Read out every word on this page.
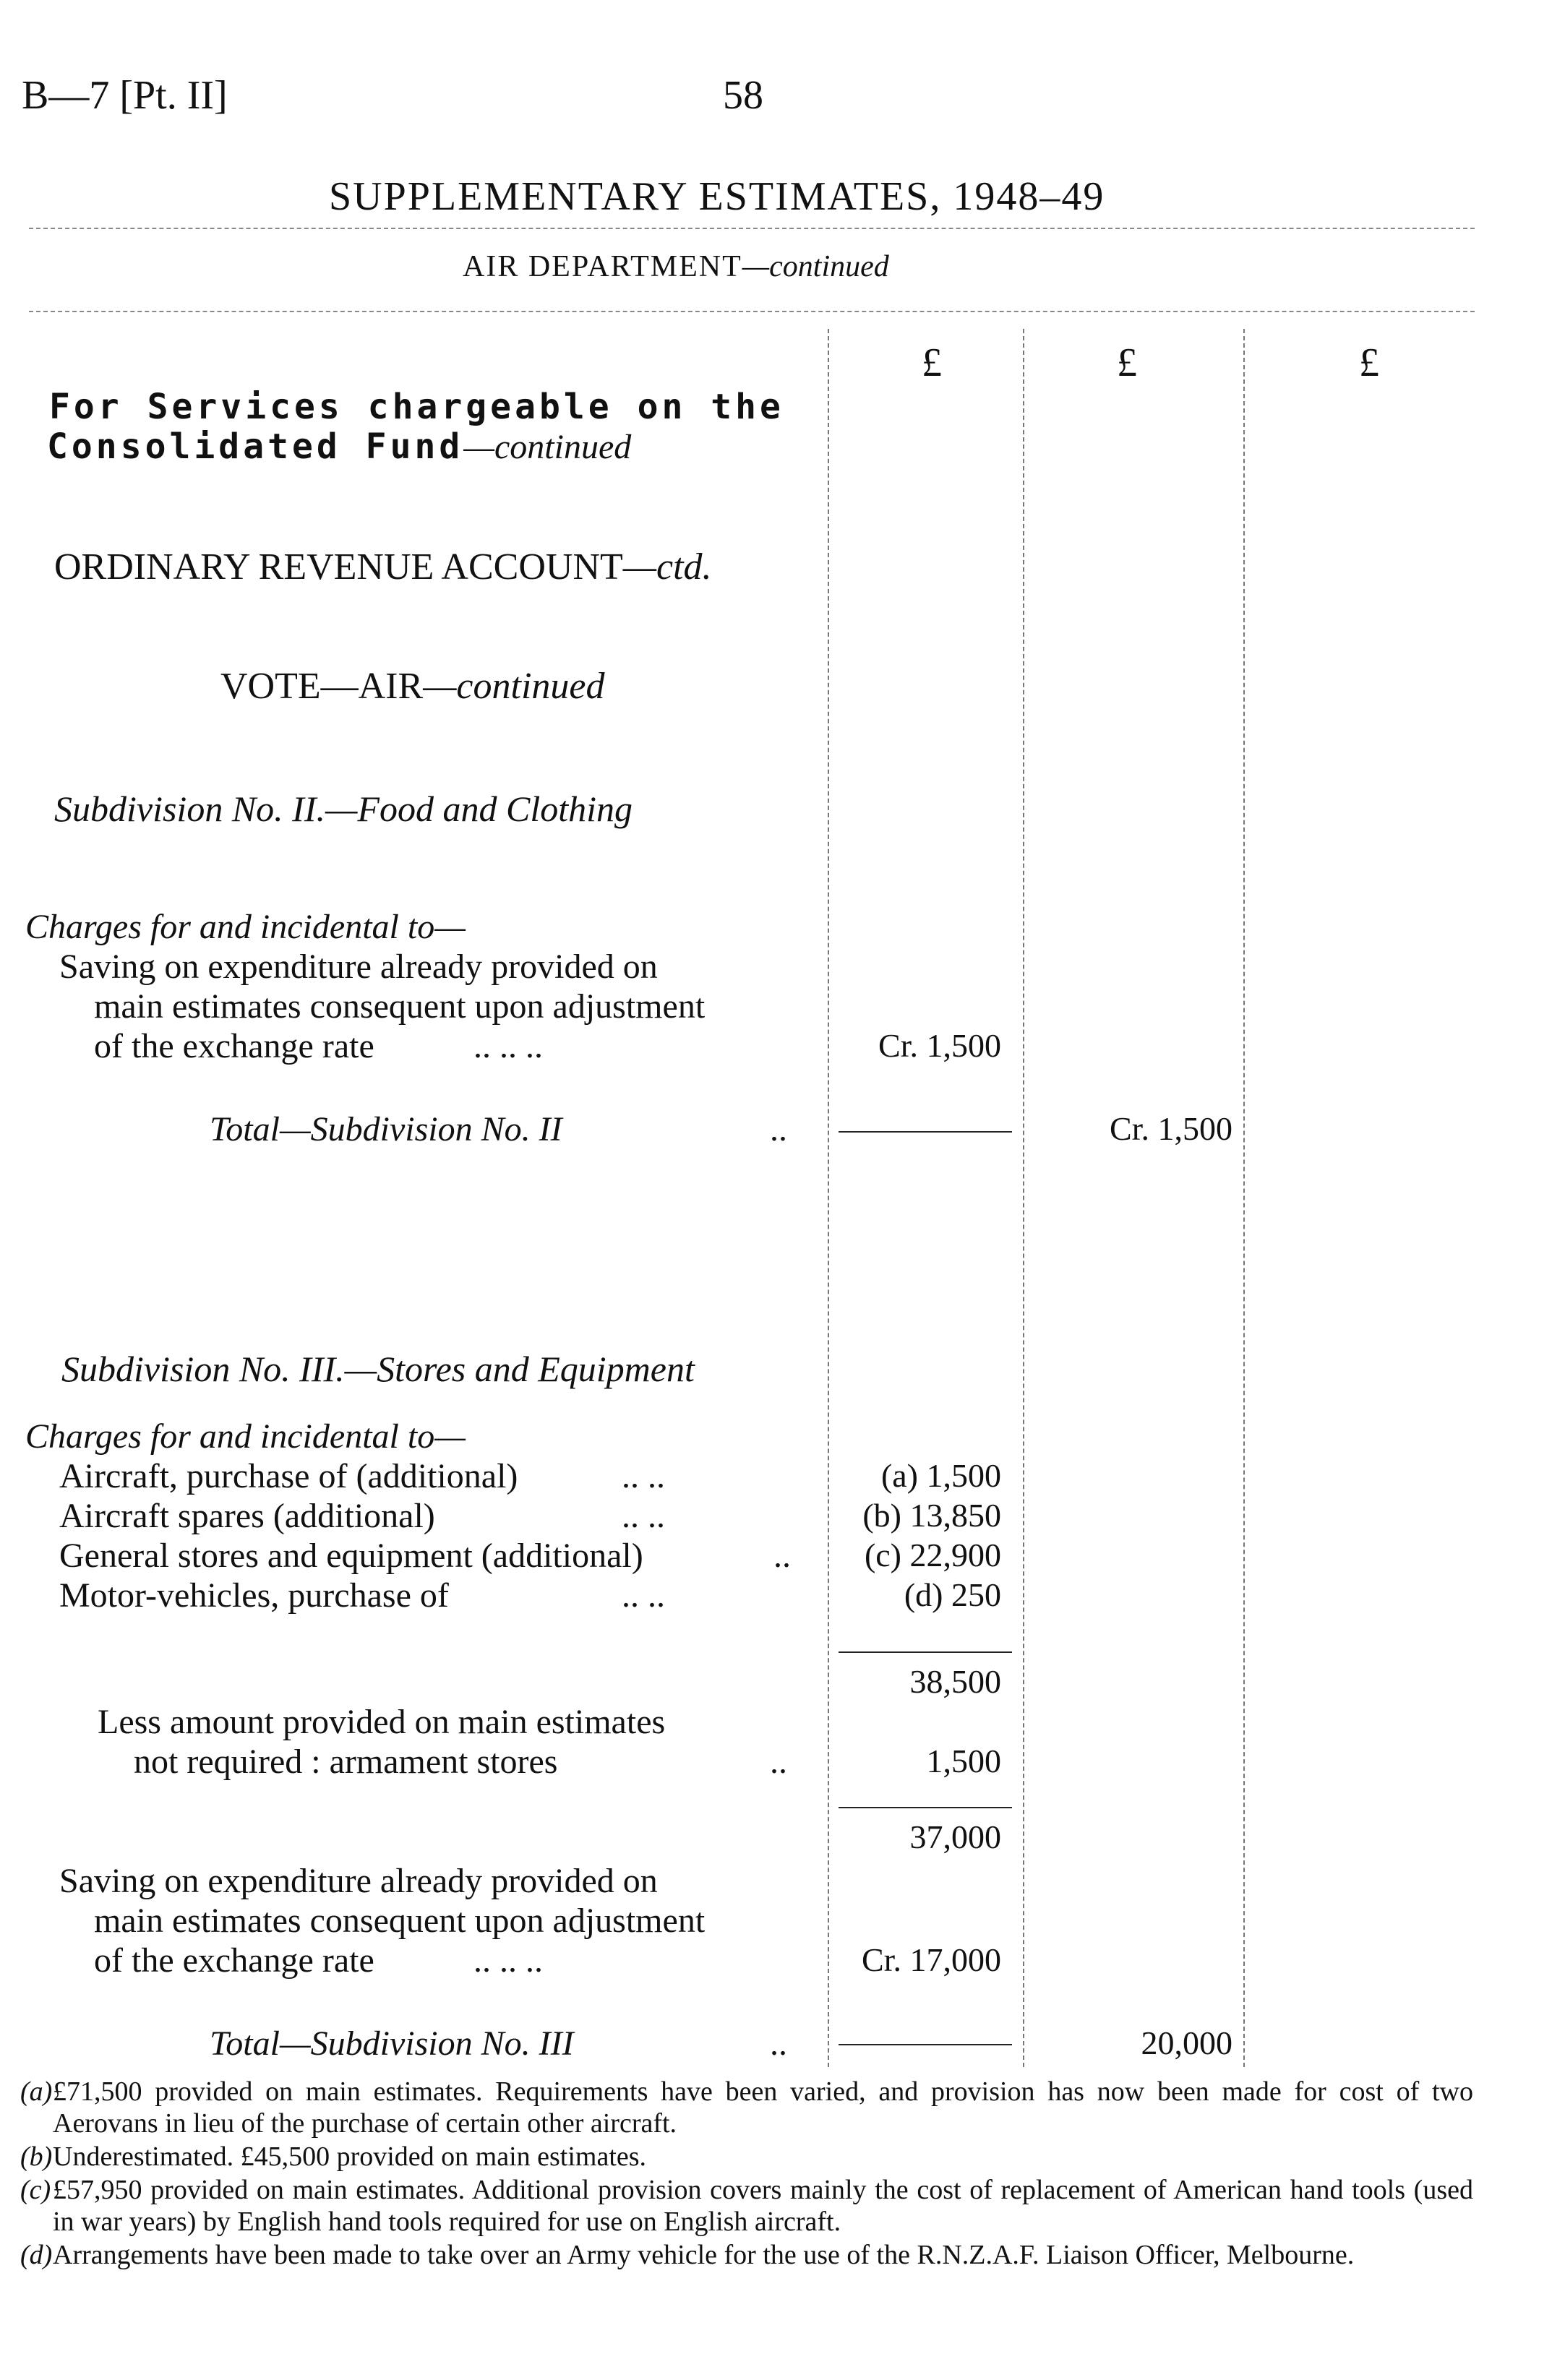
B—7 [Pt. II]	58
SUPPLEMENTARY ESTIMATES, 1948–49
AIR DEPARTMENT—continued
£	£	£
For Services chargeable on the
Consolidated Fund—continued
ORDINARY REVENUE ACCOUNT—ctd.
VOTE—AIR—continued
Subdivision No. II.—Food and Clothing
Charges for and incidental to—
Saving on expenditure already provided on
main estimates consequent upon adjustment
of the exchange rate	.. .. ..	Cr. 1,500
Total—Subdivision No. II	..	Cr. 1,500
Subdivision No. III.—Stores and Equipment
Charges for and incidental to—
Aircraft, purchase of (additional)	.. ..	(a) 1,500
Aircraft spares (additional)	.. ..	(b) 13,850
General stores and equipment (additional)	..	(c) 22,900
Motor-vehicles, purchase of	.. ..	(d) 250
38,500
Less amount provided on main estimates
not required : armament stores	..	1,500
37,000
Saving on expenditure already provided on
main estimates consequent upon adjustment
of the exchange rate	.. .. ..	Cr. 17,000
Total—Subdivision No. III	..	20,000
(a) £71,500 provided on main estimates. Requirements have been varied, and provision has now been made for cost of two Aerovans in lieu of the purchase of certain other aircraft.
(b) Underestimated. £45,500 provided on main estimates.
(c) £57,950 provided on main estimates. Additional provision covers mainly the cost of replacement of American hand tools (used in war years) by English hand tools required for use on English aircraft.
(d) Arrangements have been made to take over an Army vehicle for the use of the R.N.Z.A.F. Liaison Officer, Melbourne.
